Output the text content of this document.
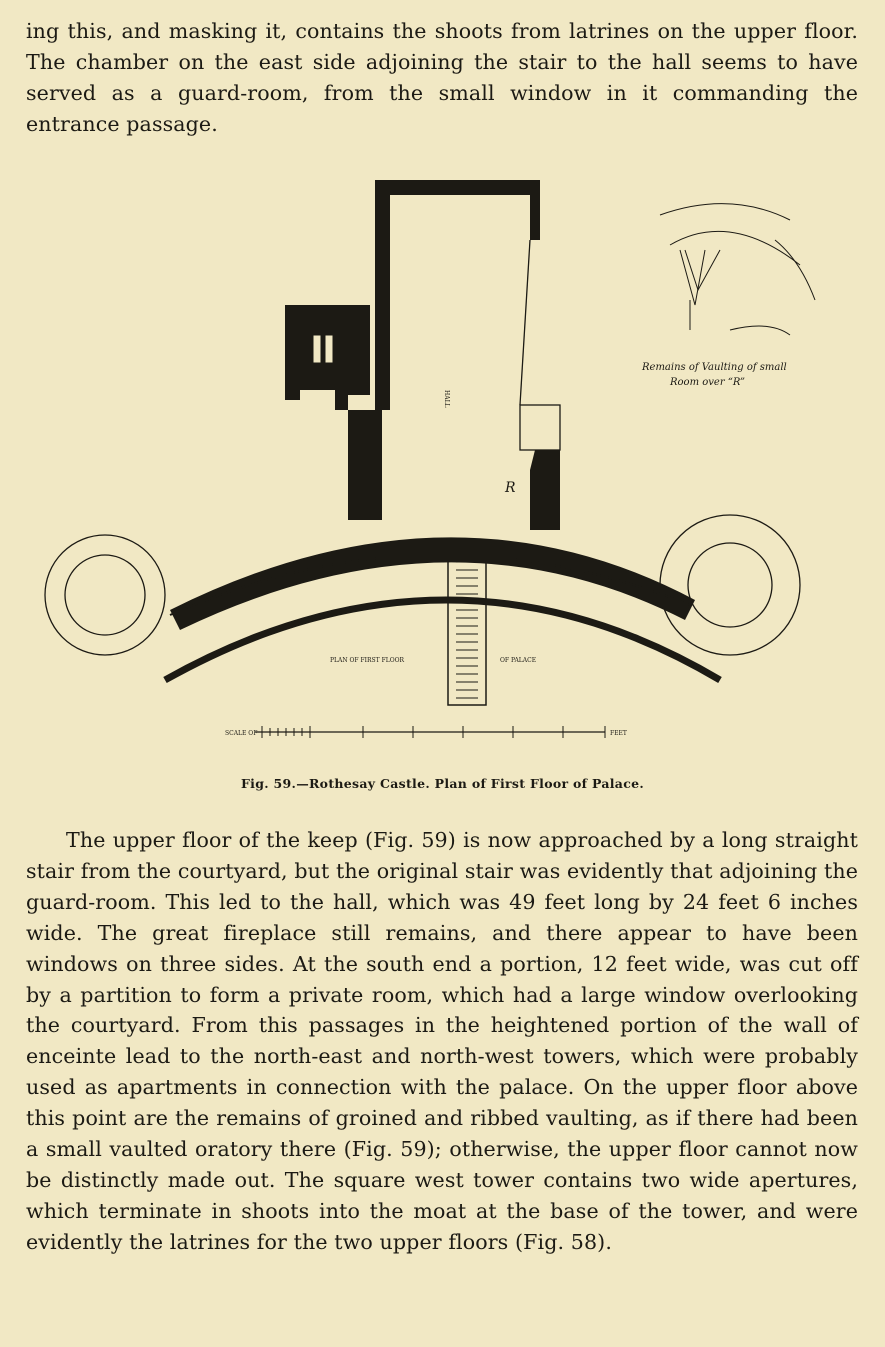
ing this, and masking it, contains the shoots from latrines on the upper floor. The chamber on the east side adjoining the stair to the hall seems to have served as a guard-room, from the small window in it commanding the entrance passage.

HALL
R
PLAN OF FIRST FLOOR	OF PALACE
Remains of Vaulting of small
Room over “R”
SCALE OF	FEET
Fig. 59.—Rothesay Castle. Plan of First Floor of Palace.

The upper floor of the keep (Fig. 59) is now approached by a long straight stair from the courtyard, but the original stair was evidently that adjoining the guard-room. This led to the hall, which was 49 feet long by 24 feet 6 inches wide. The great fireplace still remains, and there appear to have been windows on three sides. At the south end a portion, 12 feet wide, was cut off by a partition to form a private room, which had a large window overlooking the courtyard. From this passages in the heightened portion of the wall of enceinte lead to the north-east and north-west towers, which were probably used as apartments in connection with the palace. On the upper floor above this point are the remains of groined and ribbed vaulting, as if there had been a small vaulted oratory there (Fig. 59); otherwise, the upper floor cannot now be distinctly made out. The square west tower contains two wide apertures, which terminate in shoots into the moat at the base of the tower, and were evidently the latrines for the two upper floors (Fig. 58).
